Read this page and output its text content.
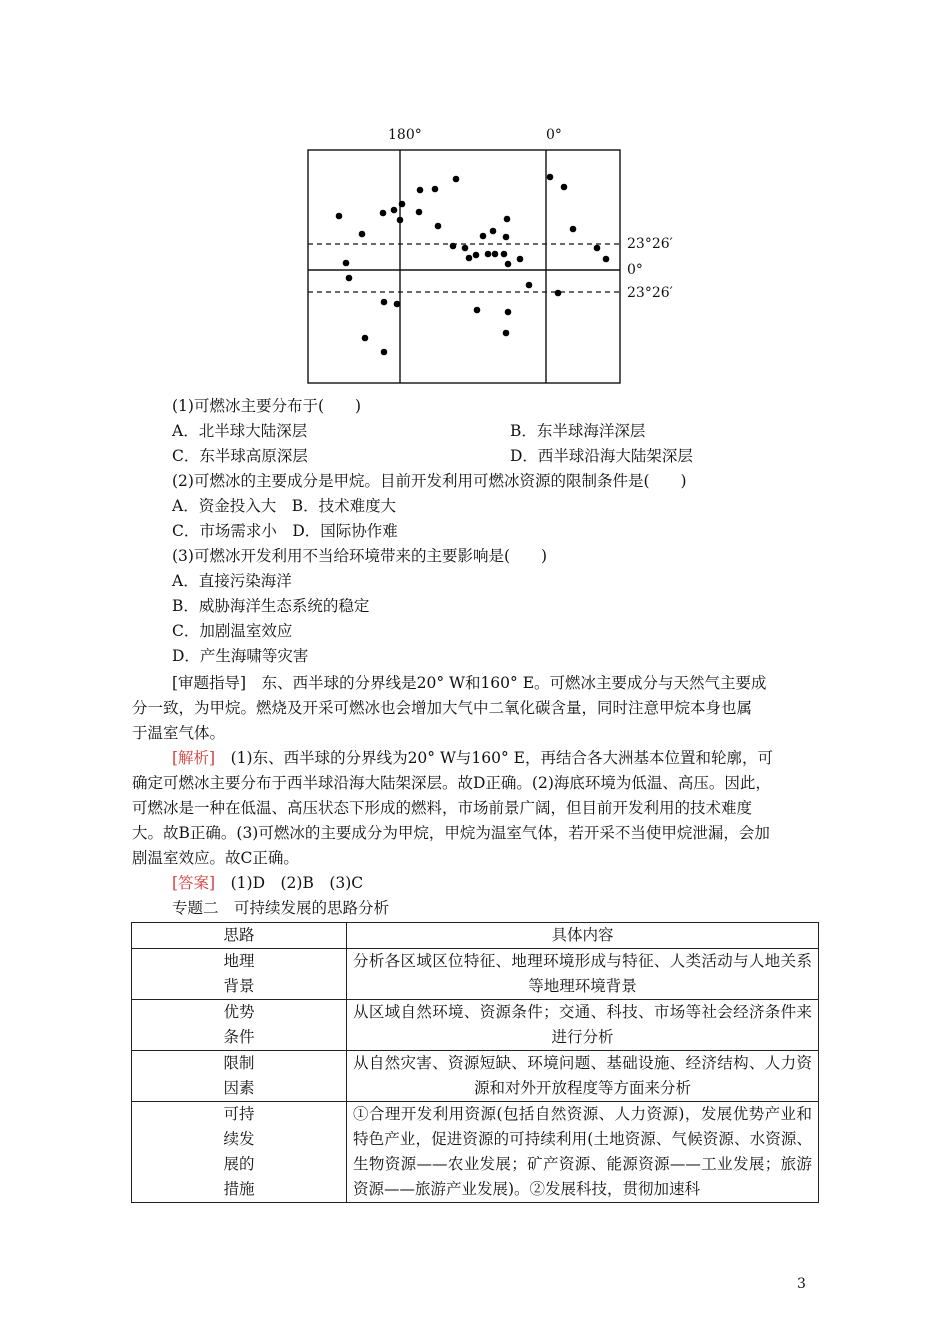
180°	0°
23°26′
0°
23°26′
(1)可燃冰主要分布于(　　)
A．北半球大陆深层	B．东半球海洋深层
C．东半球高原深层	D．西半球沿海大陆架深层
(2)可燃冰的主要成分是甲烷。目前开发利用可燃冰资源的限制条件是(　　)
A．资金投入大　B．技术难度大
C．市场需求小　D．国际协作难
(3)可燃冰开发利用不当给环境带来的主要影响是(　　)
A．直接污染海洋
B．威胁海洋生态系统的稳定
C．加剧温室效应
D．产生海啸等灾害
[审题指导]　东、西半球的分界线是20° W和160° E。可燃冰主要成分与天然气主要成
分一致，为甲烷。燃烧及开采可燃冰也会增加大气中二氧化碳含量，同时注意甲烷本身也属
于温室气体。
[解析]　(1)东、西半球的分界线为20° W与160° E，再结合各大洲基本位置和轮廓，可
确定可燃冰主要分布于西半球沿海大陆架深层。故D正确。(2)海底环境为低温、高压。因此，
可燃冰是一种在低温、高压状态下形成的燃料，市场前景广阔，但目前开发利用的技术难度
大。故B正确。(3)可燃冰的主要成分为甲烷，甲烷为温室气体，若开采不当使甲烷泄漏，会加
剧温室效应。故C正确。
[答案]　(1)D　(2)B　(3)C
专题二　可持续发展的思路分析
思路	具体内容

地理
背景	分析各区域区位特征、地理环境形成与特征、人类活动与人地关系等地理环境背景

优势
条件	从区域自然环境、资源条件；交通、科技、市场等社会经济条件来进行分析

限制
因素	从自然灾害、资源短缺、环境问题、基础设施、经济结构、人力资源和对外开放程度等方面来分析

可持
续发
展的
措施	①合理开发利用资源(包括自然资源、人力资源)，发展优势产业和特色产业，促进资源的可持续利用(土地资源、气候资源、水资源、生物资源——农业发展；矿产资源、能源资源——工业发展；旅游资源——旅游产业发展)。②发展科技，贯彻加速科
3
